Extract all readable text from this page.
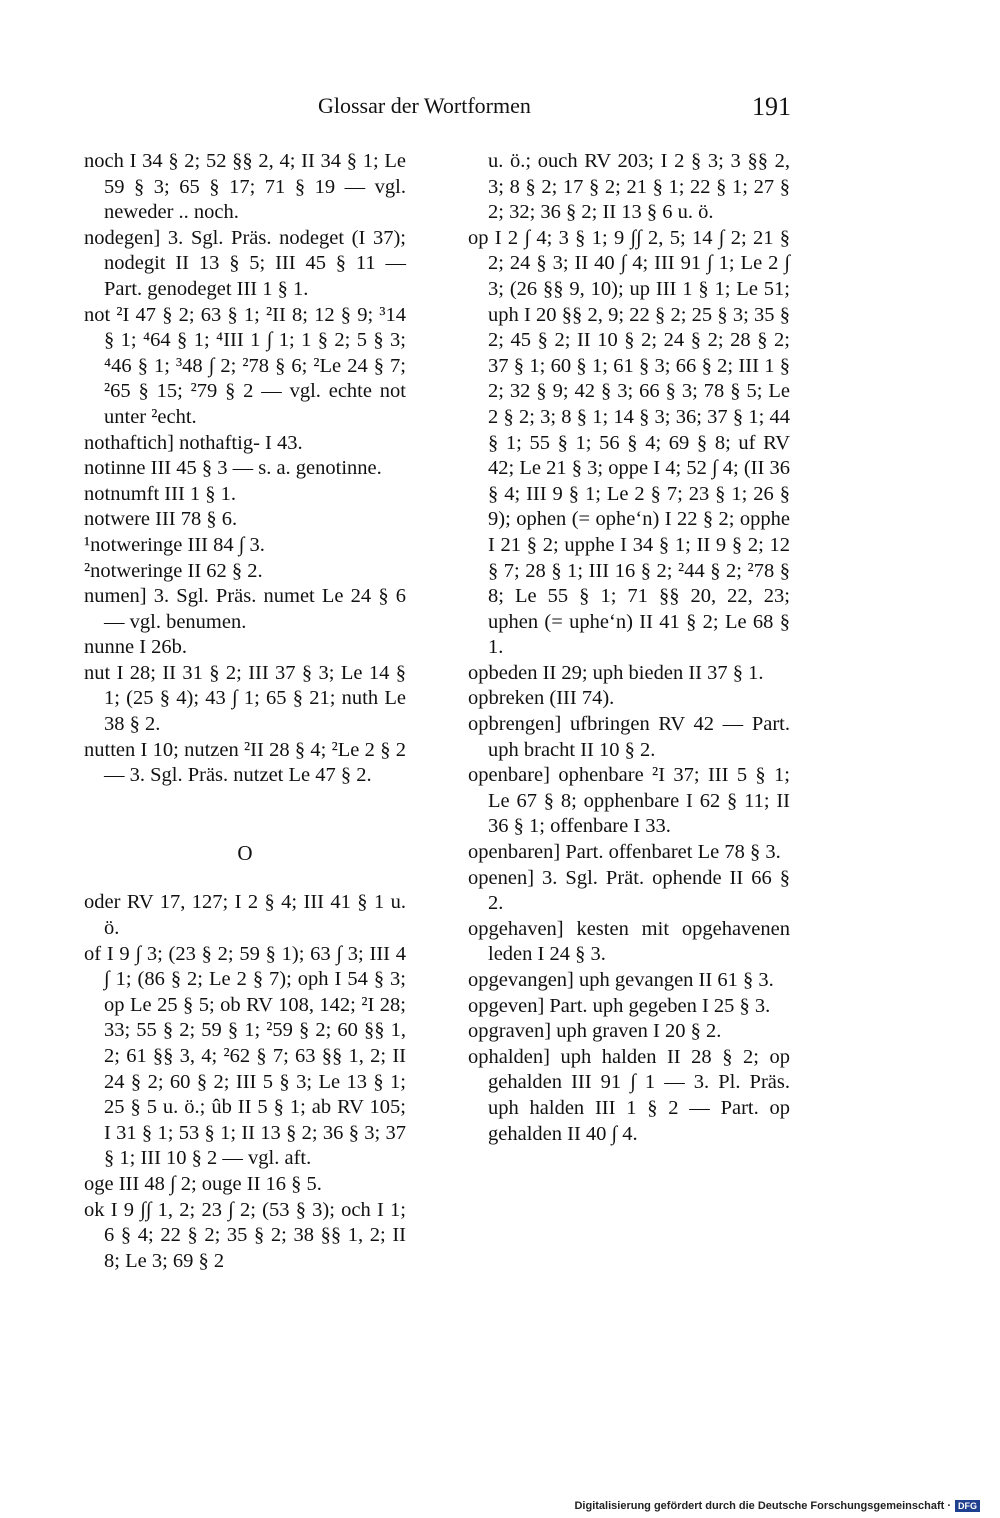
Glossar der Wortformen	191
noch I 34 § 2; 52 §§ 2, 4; II 34 § 1; Le 59 § 3; 65 § 17; 71 § 19 — vgl. neweder .. noch.
nodegen] 3. Sgl. Präs. nodeget (I 37); nodegit II 13 § 5; III 45 § 11 — Part. genodeget III 1 § 1.
not ²I 47 § 2; 63 § 1; ²II 8; 12 § 9; ³14 § 1; ⁴64 § 1; ⁴III 1 ∫ 1; 1 § 2; 5 § 3; ⁴46 § 1; ³48 ∫ 2; ²78 § 6; ²Le 24 § 7; ²65 § 15; ²79 § 2 — vgl. echte not unter ²echt.
nothaftich] nothaftig- I 43.
notinne III 45 § 3 — s. a. genotinne.
notnumft III 1 § 1.
notwere III 78 § 6.
¹notweringe III 84 ∫ 3.
²notweringe II 62 § 2.
numen] 3. Sgl. Präs. numet Le 24 § 6 — vgl. benumen.
nunne I 26b.
nut I 28; II 31 § 2; III 37 § 3; Le 14 § 1; (25 § 4); 43 ∫ 1; 65 § 21; nuth Le 38 § 2.
nutten I 10; nutzen ²II 28 § 4; ²Le 2 § 2 — 3. Sgl. Präs. nutzet Le 47 § 2.
O
oder RV 17, 127; I 2 § 4; III 41 § 1 u. ö.
of I 9 ∫ 3; (23 § 2; 59 § 1); 63 ∫ 3; III 4 ∫ 1; (86 § 2; Le 2 § 7); oph I 54 § 3; op Le 25 § 5; ob RV 108, 142; ²I 28; 33; 55 § 2; 59 § 1; ²59 § 2; 60 §§ 1, 2; 61 §§ 3, 4; ²62 § 7; 63 §§ 1, 2; II 24 § 2; 60 § 2; III 5 § 3; Le 13 § 1; 25 § 5 u. ö.; ûb II 5 § 1; ab RV 105; I 31 § 1; 53 § 1; II 13 § 2; 36 § 3; 37 § 1; III 10 § 2 — vgl. aft.
oge III 48 ∫ 2; ouge II 16 § 5.
ok I 9 ∫∫ 1, 2; 23 ∫ 2; (53 § 3); och I 1; 6 § 4; 22 § 2; 35 § 2; 38 §§ 1, 2; II 8; Le 3; 69 § 2
u. ö.; ouch RV 203; I 2 § 3; 3 §§ 2, 3; 8 § 2; 17 § 2; 21 § 1; 22 § 1; 27 § 2; 32; 36 § 2; II 13 § 6 u. ö.
op I 2 ∫ 4; 3 § 1; 9 ∫∫ 2, 5; 14 ∫ 2; 21 § 2; 24 § 3; II 40 ∫ 4; III 91 ∫ 1; Le 2 ∫ 3; (26 §§ 9, 10); up III 1 § 1; Le 51; uph I 20 §§ 2, 9; 22 § 2; 25 § 3; 35 § 2; 45 § 2; II 10 § 2; 24 § 2; 28 § 2; 37 § 1; 60 § 1; 61 § 3; 66 § 2; III 1 § 2; 32 § 9; 42 § 3; 66 § 3; 78 § 5; Le 2 § 2; 3; 8 § 1; 14 § 3; 36; 37 § 1; 44 § 1; 55 § 1; 56 § 4; 69 § 8; uf RV 42; Le 21 § 3; oppe I 4; 52 ∫ 4; (II 36 § 4; III 9 § 1; Le 2 § 7; 23 § 1; 26 § 9); ophen (= ophe‘n) I 22 § 2; opphe I 21 § 2; upphe I 34 § 1; II 9 § 2; 12 § 7; 28 § 1; III 16 § 2; ²44 § 2; ²78 § 8; Le 55 § 1; 71 §§ 20, 22, 23; uphen (= uphe‘n) II 41 § 2; Le 68 § 1.
opbeden II 29; uph bieden II 37 § 1.
opbreken (III 74).
opbrengen] ufbringen RV 42 — Part. uph bracht II 10 § 2.
openbare] ophenbare ²I 37; III 5 § 1; Le 67 § 8; opphenbare I 62 § 11; II 36 § 1; offenbare I 33.
openbaren] Part. offenbaret Le 78 § 3.
openen] 3. Sgl. Prät. ophende II 66 § 2.
opgehaven] kesten mit opgehavenen leden I 24 § 3.
opgevangen] uph gevangen II 61 § 3.
opgeven] Part. uph gegeben I 25 § 3.
opgraven] uph graven I 20 § 2.
ophalden] uph halden II 28 § 2; op gehalden III 91 ∫ 1 — 3. Pl. Präs. uph halden III 1 § 2 — Part. op gehalden II 40 ∫ 4.
Digitalisierung gefördert durch die Deutsche Forschungsgemeinschaft · DFG
